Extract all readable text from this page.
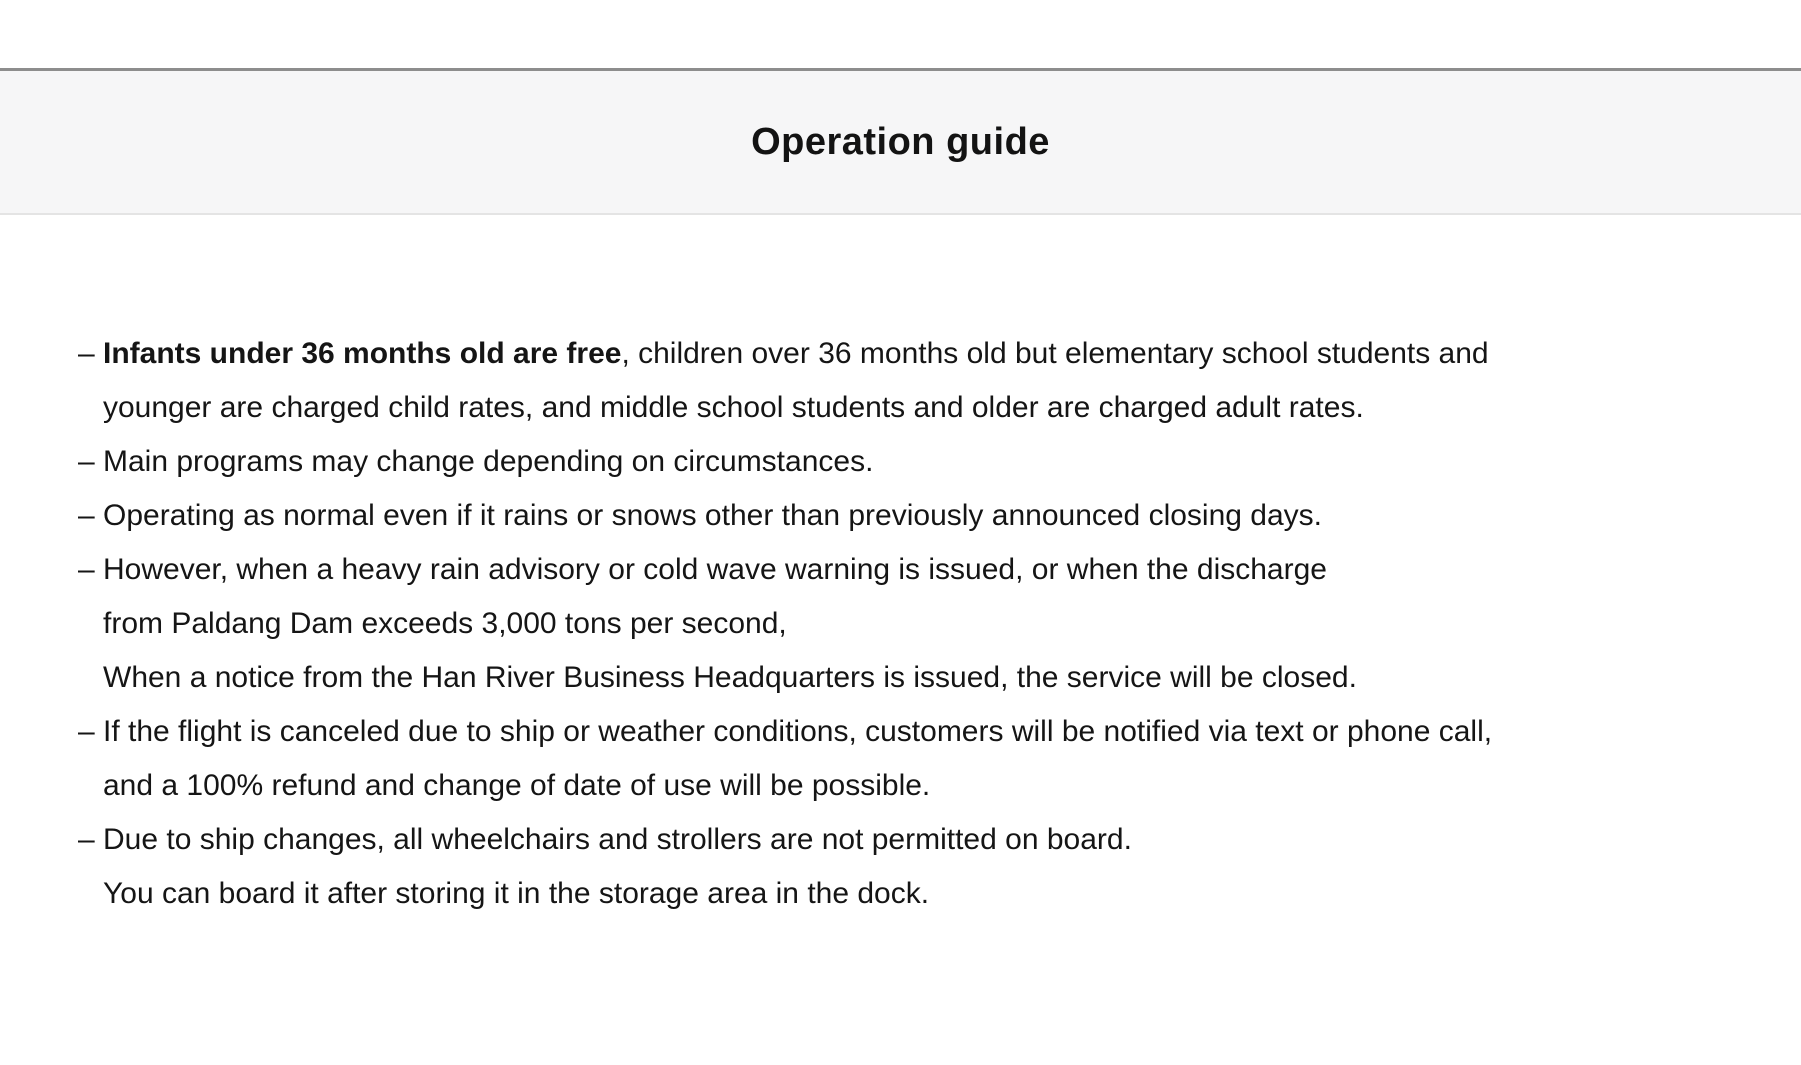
Operation guide
– Infants under 36 months old are free, children over 36 months old but elementary school students and

younger are charged child rates, and middle school students and older are charged adult rates.

– Main programs may change depending on circumstances.

– Operating as normal even if it rains or snows other than previously announced closing days.

– However, when a heavy rain advisory or cold wave warning is issued, or when the discharge

from Paldang Dam exceeds 3,000 tons per second,

When a notice from the Han River Business Headquarters is issued, the service will be closed.

– If the flight is canceled due to ship or weather conditions, customers will be notified via text or phone call,

and a 100% refund and change of date of use will be possible.

– Due to ship changes, all wheelchairs and strollers are not permitted on board.

You can board it after storing it in the storage area in the dock.
